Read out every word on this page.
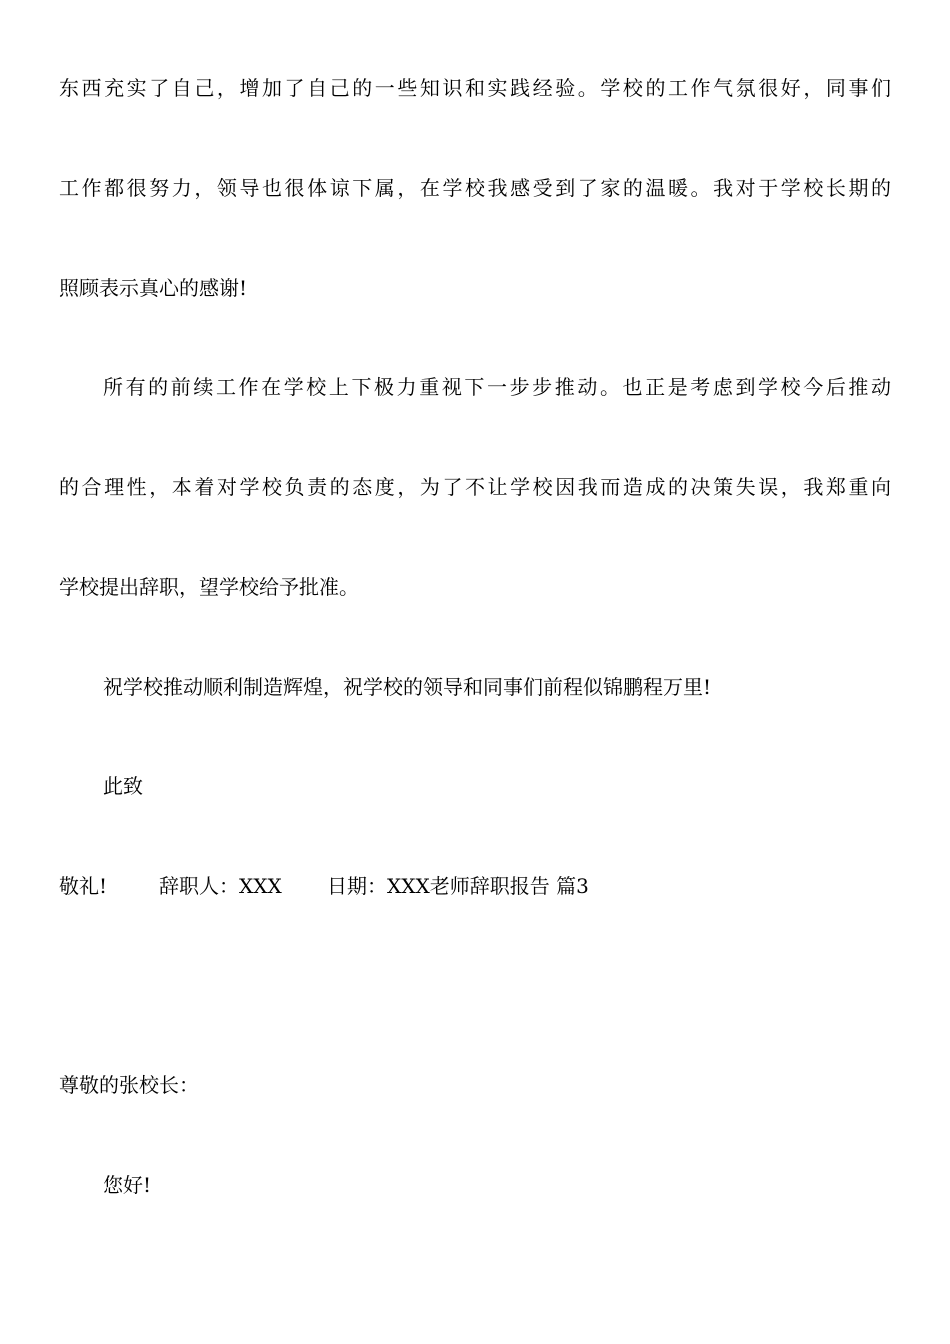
东西充实了自己，增加了自己的一些知识和实践经验。学校的工作气氛很好，同事们
工作都很努力，领导也很体谅下属，在学校我感受到了家的温暖。我对于学校长期的
照顾表示真心的感谢!
所有的前续工作在学校上下极力重视下一步步推动。也正是考虑到学校今后推动
的合理性，本着对学校负责的态度，为了不让学校因我而造成的决策失误，我郑重向
学校提出辞职，望学校给予批准。
祝学校推动顺利制造辉煌，祝学校的领导和同事们前程似锦鹏程万里!
此致
敬礼!	辞职人：XXX 日期：XXX老师辞职报告 篇3
尊敬的张校长：
您好!
